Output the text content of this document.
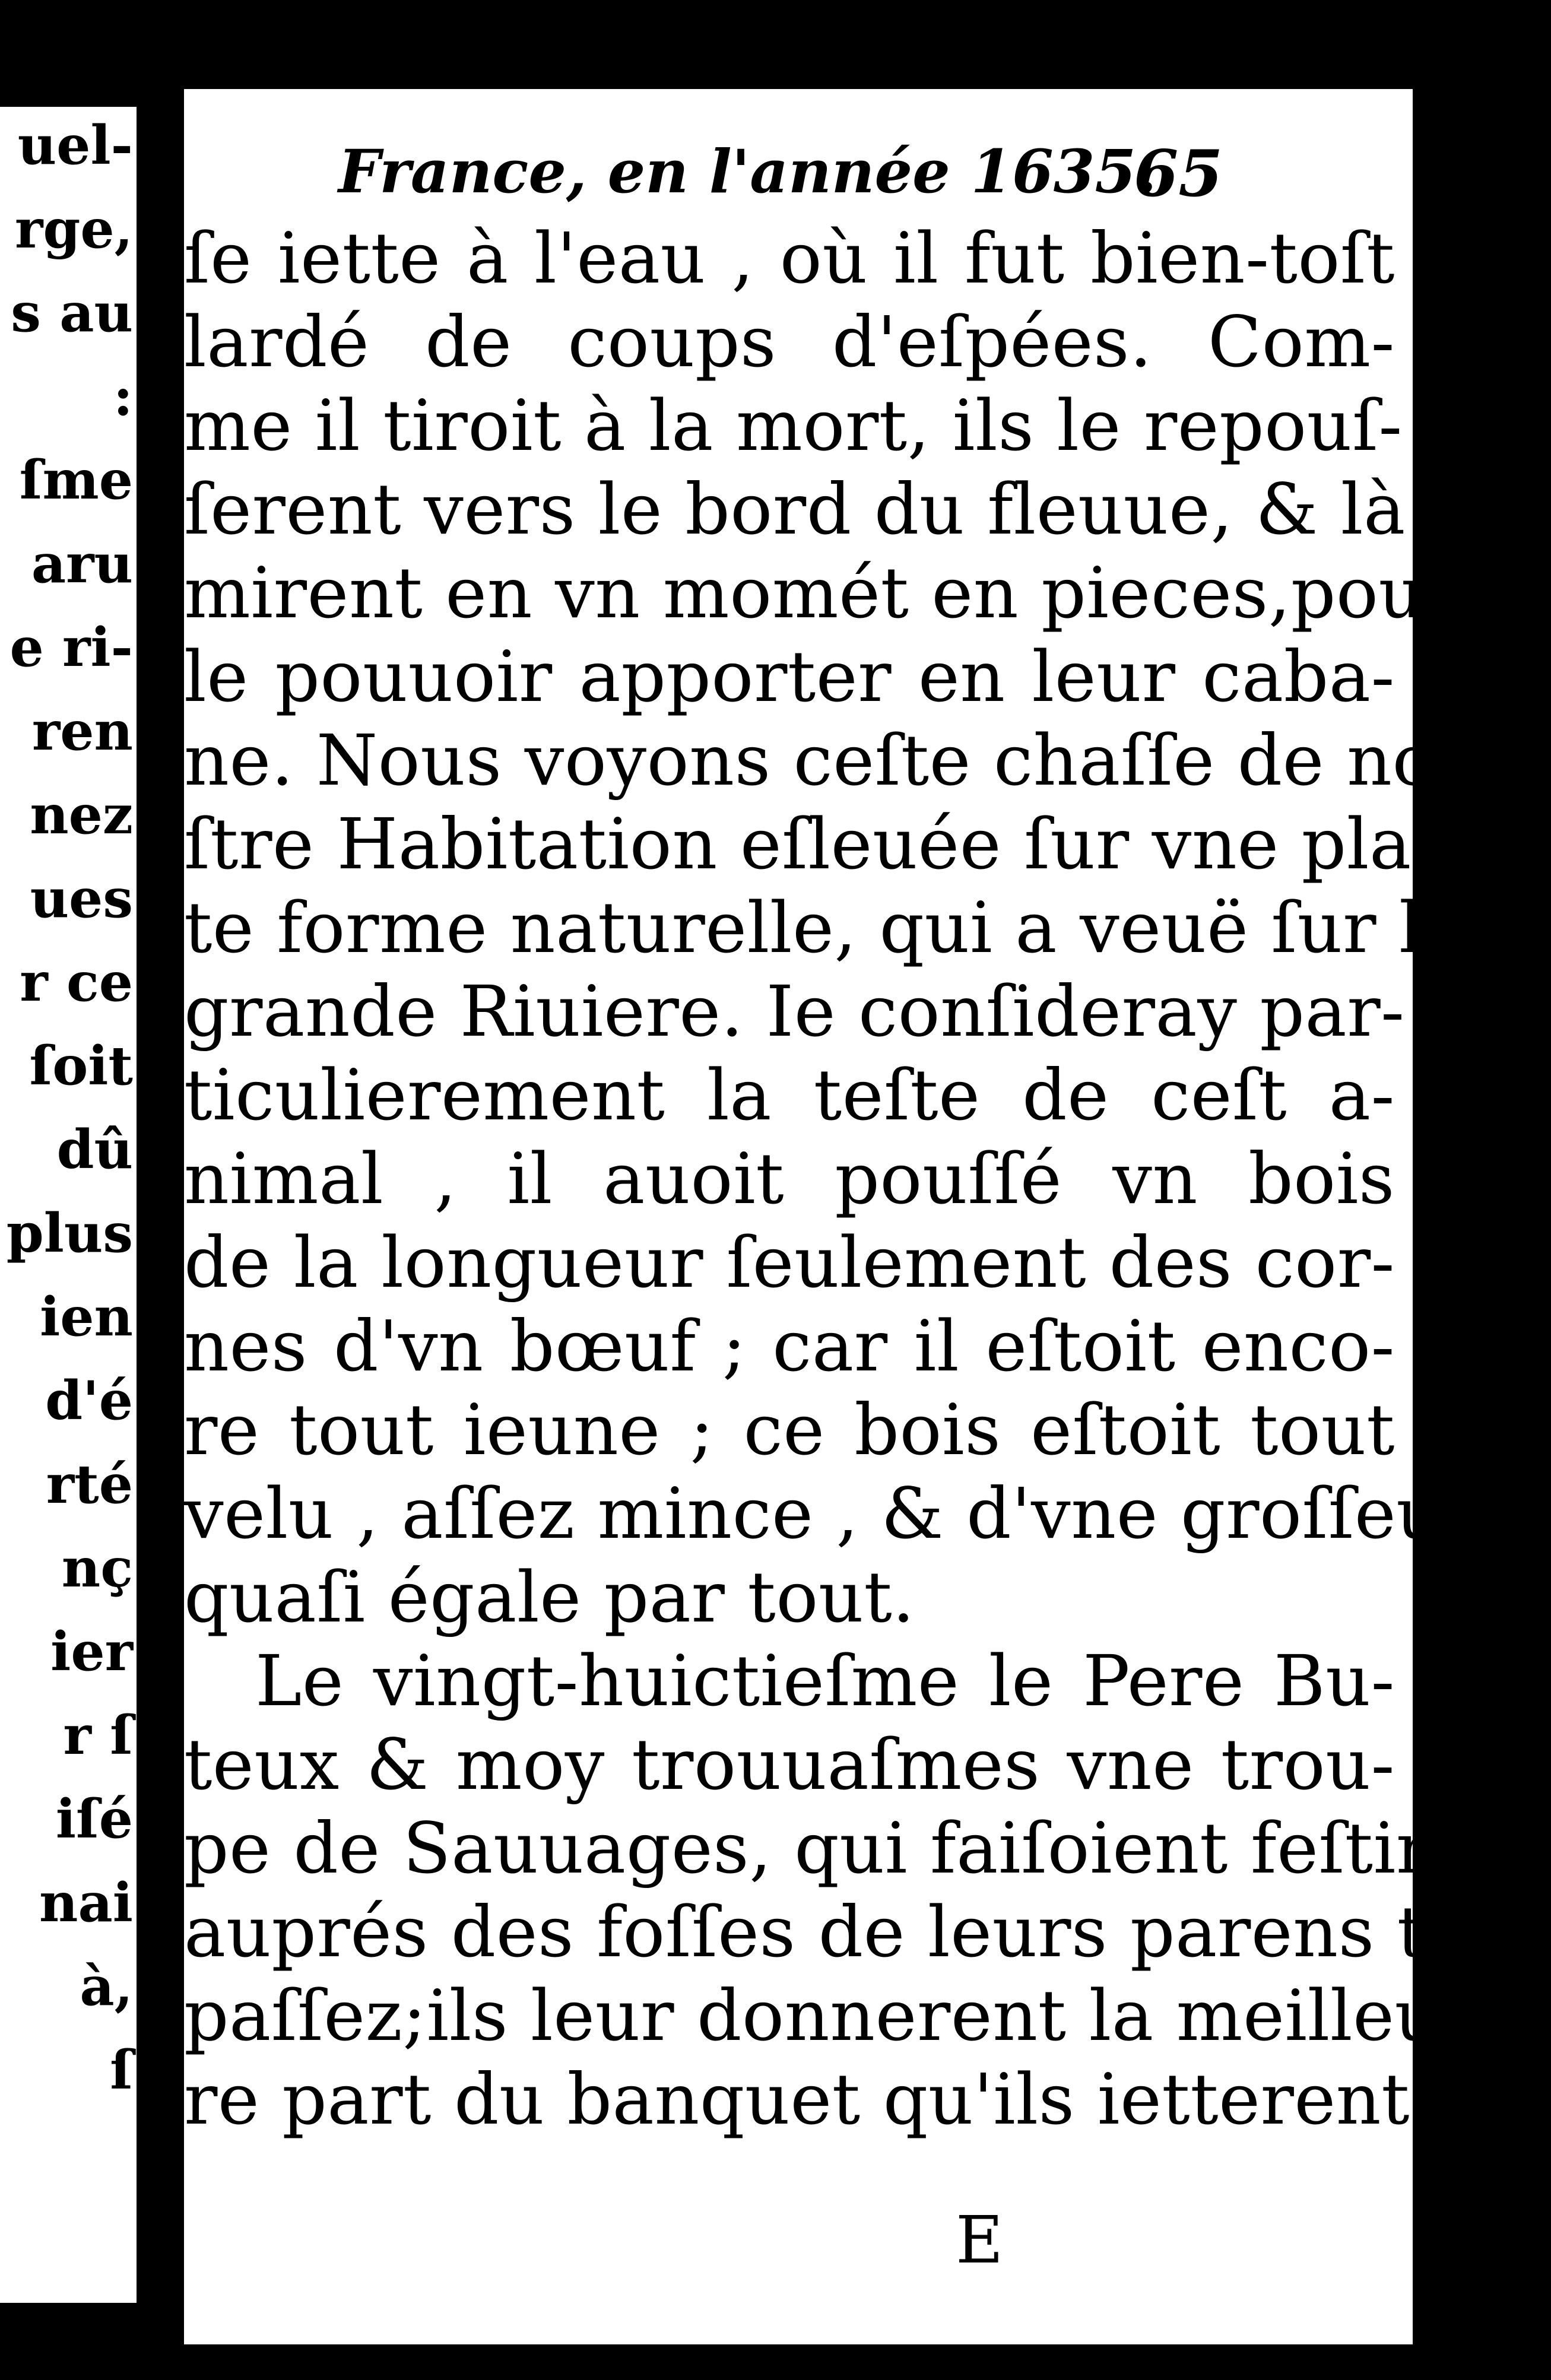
uel-
rge,
s au
:
ſme
aru
e ri-
ren
nez
ues
r ce
ſoit
dû
plus
ien
d'é
rté
nç
ier
r ſ
iſé
nai
à,
ſ
France, en l'année 1635.
65
ſe iette à l'eau , où il fut bien-toſt
lardé de coups d'eſpées. Com-
me il tiroit à la mort, ils le repouſ-
ſerent vers le bord du fleuue, & là le
mirent en vn momét en pieces,pour
le pouuoir apporter en leur caba-
ne. Nous voyons ceſte chaſſe de no-
ſtre Habitation eſleuée ſur vne plan-
te forme naturelle, qui a veuë ſur la
grande Riuiere. Ie conſideray par-
ticulierement la teſte de ceſt a-
nimal , il auoit pouſſé vn bois
de la longueur ſeulement des cor-
nes d'vn bœuf ; car il eſtoit enco-
re tout ieune ; ce bois eſtoit tout
velu , aſſez mince , & d'vne groſſeur
quaſi égale par tout.
Le vingt-huictieſme le Pere Bu-
teux & moy trouuaſmes vne trou-
pe de Sauuages, qui faiſoient feſtin
auprés des foſſes de leurs parens treſ-
paſſez;ils leur donnerent la meilleu-
re part du banquet qu'ils ietterent
E
